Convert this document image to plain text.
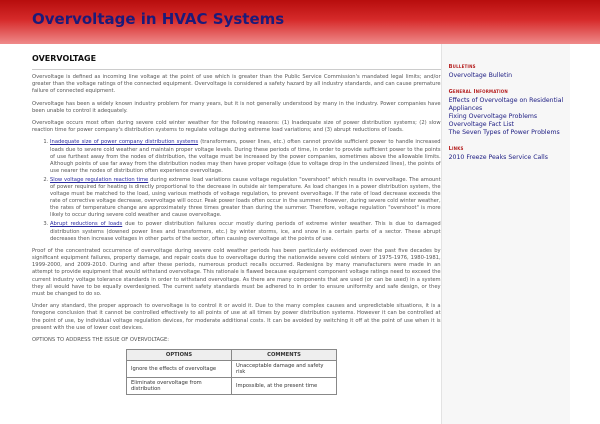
Overvoltage in HVAC Systems
OVERVOLTAGE

Overvoltage is defined as incoming line voltage at the point of use which is greater than the Public Service Commission's mandated legal limits; and/or greater than the voltage ratings of the connected equipment. Overvoltage is considered a safety hazard by all industry standards, and can cause premature failure of connected equipment.

Overvoltage has been a widely known industry problem for many years, but it is not generally understood by many in the industry. Power companies have been unable to control it adequately.

Overvoltage occurs most often during severe cold winter weather for the following reasons: (1) Inadequate size of power distribution systems; (2) slow reaction time for power company's distribution systems to regulate voltage during extreme load variations; and (3) abrupt reductions of loads.

1. Inadequate size of power company distribution systems (transformers, power lines, etc.) often cannot provide sufficient power to handle increased loads due to severe cold weather and maintain proper voltage levels. During these periods of time, in order to provide sufficient power to the points of use furthest away from the nodes of distribution, the voltage must be increased by the power companies, sometimes above the allowable limits. Although points of use far away from the distribution nodes may then have proper voltage (due to voltage drop in the undersized lines), the points of use nearer the nodes of distribution often experience overvoltage.
2. Slow voltage regulation reaction time during extreme load variations cause voltage regulation "overshoot" which results in overvoltage. The amount of power required for heating is directly proportional to the decrease in outside air temperature. As load changes in a power distribution system, the voltage must be matched to the load, using various methods of voltage regulation, to prevent overvoltage. If the rate of load decrease exceeds the rate of corrective voltage decrease, overvoltage will occur. Peak power loads often occur in the summer. However, during severe cold winter weather, the rates of temperature change are approximately three times greater than during the summer. Therefore, voltage regulation "overshoot" is more likely to occur during severe cold weather and cause overvoltage.
3. Abrupt reductions of loads due to power distribution failures occur mostly during periods of extreme winter weather. This is due to damaged distribution systems (downed power lines and transformers, etc.) by winter storms, ice, and snow in a certain parts of a sector. These abrupt decreases then increase voltages in other parts of the sector, often causing overvoltage at the points of use.

Proof of the concentrated occurrence of overvoltage during severe cold weather periods has been particularly evidenced over the past five decades by significant equipment failures, property damage, and repair costs due to overvoltage during the nationwide severe cold winters of 1975-1976, 1980-1981, 1999-2000, and 2009-2010. During and after these periods, numerous product recalls occurred. Redesigns by many manufacturers were made in an attempt to provide equipment that would withstand overvoltage. This rationale is flawed because equipment component voltage ratings need to exceed the current industry voltage tolerance standards in order to withstand overvoltage. As there are many components that are used (or can be used) in a system they all would have to be equally overdesigned. The current safety standards must be adhered to in order to ensure uniformity and safe design, or they must be changed to do so.

Under any standard, the proper approach to overvoltage is to control it or avoid it. Due to the many complex causes and unpredictable situations, it is a foregone conclusion that it cannot be controlled effectively to all points of use at all times by power distribution systems. However it can be controlled at the point of use, by individual voltage regulation devices, for moderate additional costs. It can be avoided by switching it off at the point of use when it is present with the use of lower cost devices.

OPTIONS TO ADDRESS THE ISSUE OF OVERVOLTAGE:
OPTIONS	COMMENTS
Ignore the effects of overvoltage	Unacceptable damage and safety risk
Eliminate overvoltage from distribution	Impossible, at the present time
Bulletins
Overvoltage Bulletin
General Information
Effects of Overvoltage on Residential Appliances
Fixing Overvoltage Problems
Overvoltage Fact List
The Seven Types of Power Problems
Links
2010 Freeze Peaks Service Calls
